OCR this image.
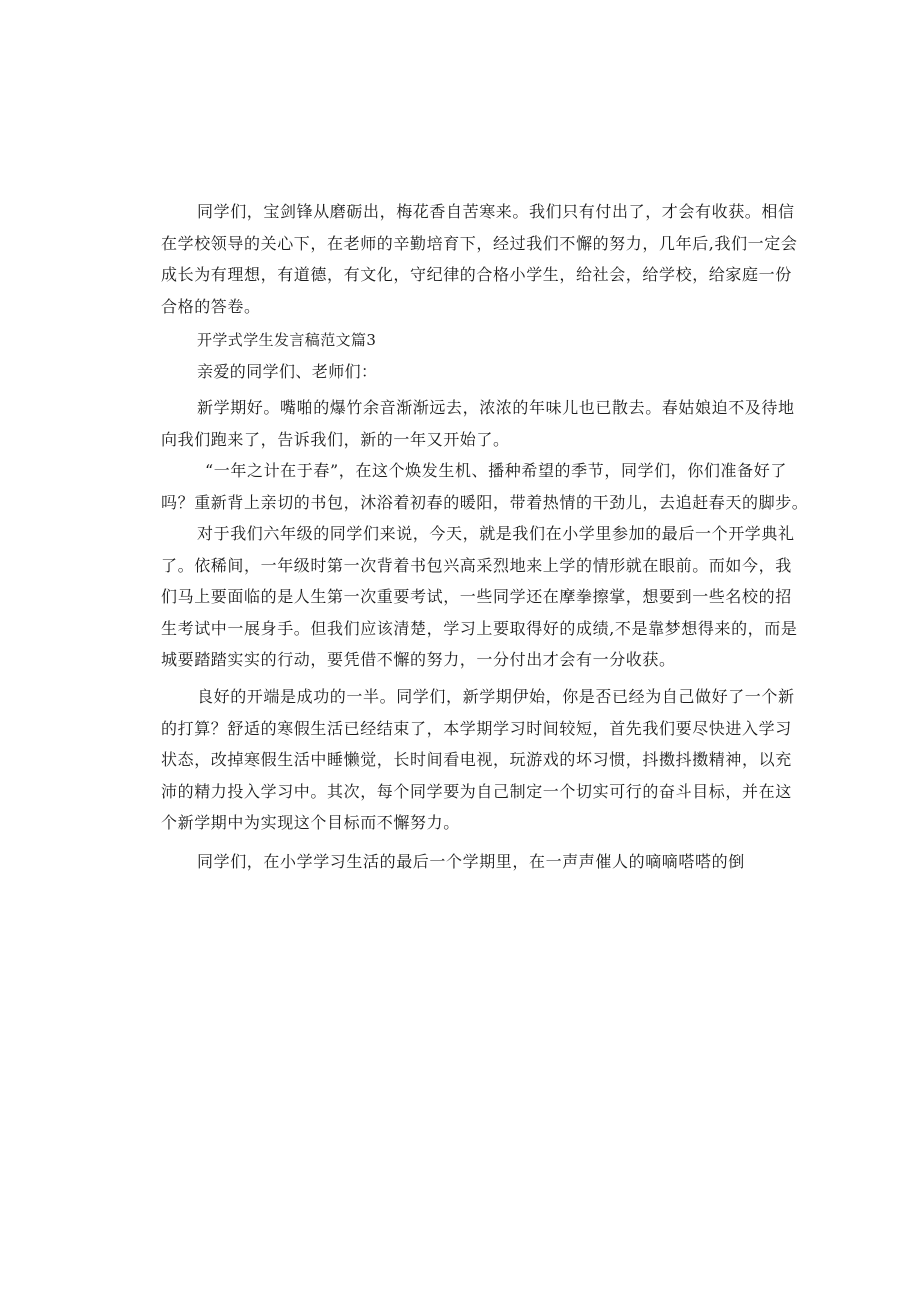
同学们，宝剑锋从磨砺出，梅花香自苦寒来。我们只有付出了，才会有收获。相信
在学校领导的关心下，在老师的辛勤培育下，经过我们不懈的努力，几年后,我们一定会
成长为有理想，有道德，有文化，守纪律的合格小学生，给社会，给学校，给家庭一份
合格的答卷。
开学式学生发言稿范文篇3
亲爱的同学们、老师们：
新学期好。嘴啪的爆竹余音渐渐远去，浓浓的年味儿也已散去。春姑娘迫不及待地
向我们跑来了，告诉我们，新的一年又开始了。
“一年之计在于春”，在这个焕发生机、播种希望的季节，同学们，你们准备好了
吗？重新背上亲切的书包，沐浴着初春的暖阳，带着热情的干劲儿，去追赶春天的脚步。
对于我们六年级的同学们来说，今天，就是我们在小学里参加的最后一个开学典礼
了。依稀间，一年级时第一次背着书包兴高采烈地来上学的情形就在眼前。而如今，我
们马上要面临的是人生第一次重要考试，一些同学还在摩拳擦掌，想要到一些名校的招
生考试中一展身手。但我们应该清楚，学习上要取得好的成绩,不是靠梦想得来的，而是
城要踏踏实实的行动，要凭借不懈的努力，一分付出才会有一分收获。
良好的开端是成功的一半。同学们，新学期伊始，你是否已经为自己做好了一个新
的打算？舒适的寒假生活已经结束了，本学期学习时间较短，首先我们要尽快进入学习
状态，改掉寒假生活中睡懒觉，长时间看电视，玩游戏的坏习惯，抖擞抖擞精神，以充
沛的精力投入学习中。其次，每个同学要为自己制定一个切实可行的奋斗目标，并在这
个新学期中为实现这个目标而不懈努力。
同学们，在小学学习生活的最后一个学期里，在一声声催人的嘀嘀嗒嗒的倒
